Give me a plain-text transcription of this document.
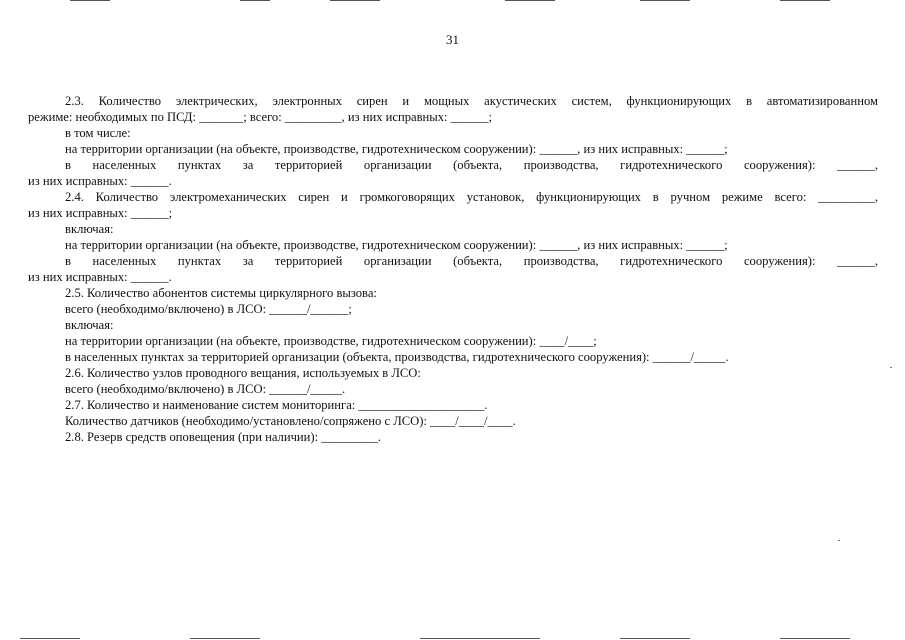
31
2.3. Количество электрических, электронных сирен и мощных акустических систем, функционирующих в автоматизированном
режиме: необходимых по ПСД: _______; всего: _________, из них исправных: ______;
в том числе:
на территории организации (на объекте, производстве, гидротехническом сооружении): ______, из них исправных: ______;
в населенных пунктах за территорией организации (объекта, производства, гидротехнического сооружения): ______,
из них исправных: ______.
2.4. Количество электромеханических сирен и громкоговорящих установок, функционирующих в ручном режиме всего: _________,
из них исправных: ______;
включая:
на территории организации (на объекте, производстве, гидротехническом сооружении): ______, из них исправных: ______;
в населенных пунктах за территорией организации (объекта, производства, гидротехнического сооружения): ______,
из них исправных: ______.
2.5. Количество абонентов системы циркулярного вызова:
всего (необходимо/включено) в ЛСО: ______/______;
включая:
на территории организации (на объекте, производстве, гидротехническом сооружении): ____/____;
в населенных пунктах за территорией организации (объекта, производства, гидротехнического сооружения): ______/_____.
2.6. Количество узлов проводного вещания, используемых в ЛСО:
всего (необходимо/включено) в ЛСО: ______/_____.
2.7. Количество и наименование систем мониторинга: ____________________.
Количество датчиков (необходимо/установлено/сопряжено с ЛСО): ____/____/____.
2.8. Резерв средств оповещения (при наличии): _________.
